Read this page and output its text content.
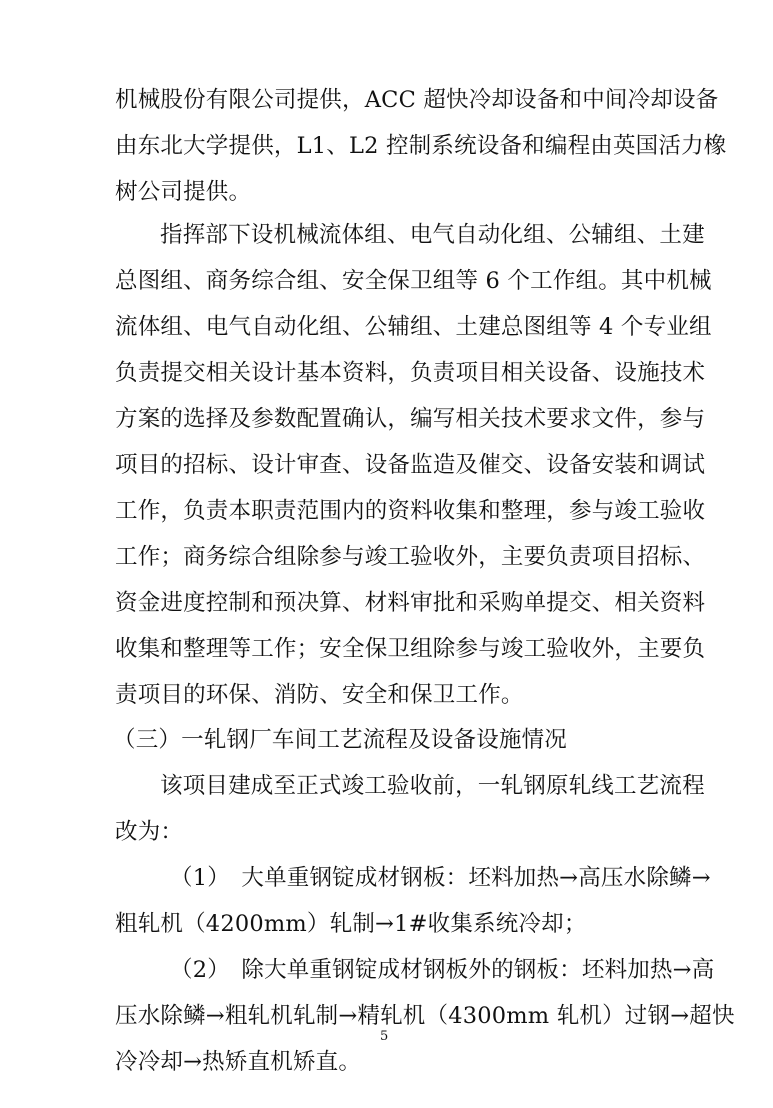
机械股份有限公司提供，ACC 超快冷却设备和中间冷却设备
由东北大学提供，L1、L2 控制系统设备和编程由英国活力橡
树公司提供。
指挥部下设机械流体组、电气自动化组、公辅组、土建
总图组、商务综合组、安全保卫组等 6 个工作组。其中机械
流体组、电气自动化组、公辅组、土建总图组等 4 个专业组
负责提交相关设计基本资料，负责项目相关设备、设施技术
方案的选择及参数配置确认，编写相关技术要求文件，参与
项目的招标、设计审查、设备监造及催交、设备安装和调试
工作，负责本职责范围内的资料收集和整理，参与竣工验收
工作；商务综合组除参与竣工验收外，主要负责项目招标、
资金进度控制和预决算、材料审批和采购单提交、相关资料
收集和整理等工作；安全保卫组除参与竣工验收外，主要负
责项目的环保、消防、安全和保卫工作。
（三）一轧钢厂车间工艺流程及设备设施情况
该项目建成至正式竣工验收前，一轧钢原轧线工艺流程
改为：
（1）　大单重钢锭成材钢板：坯料加热→高压水除鳞→
粗轧机（4200mm）轧制→1#收集系统冷却；
（2）　除大单重钢锭成材钢板外的钢板：坯料加热→高
压水除鳞→粗轧机轧制→精轧机（4300mm 轧机）过钢→超快
冷冷却→热矫直机矫直。
5
